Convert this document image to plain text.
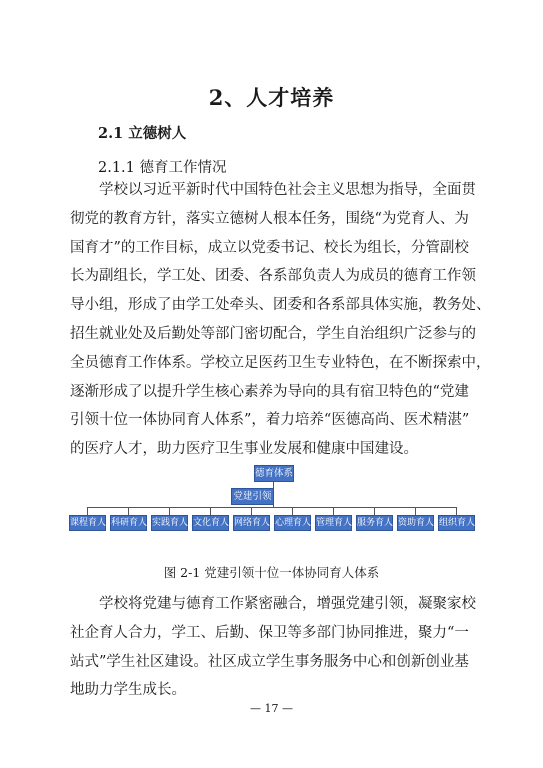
2、人才培养
2.1 立德树人
2.1.1 德育工作情况
学校以习近平新时代中国特色社会主义思想为指导，全面贯
彻党的教育方针，落实立德树人根本任务，围绕“为党育人、为
国育才”的工作目标，成立以党委书记、校长为组长，分管副校
长为副组长，学工处、团委、各系部负责人为成员的德育工作领
导小组，形成了由学工处牵头、团委和各系部具体实施，教务处、
招生就业处及后勤处等部门密切配合，学生自治组织广泛参与的
全员德育工作体系。学校立足医药卫生专业特色，在不断探索中，
逐渐形成了以提升学生核心素养为导向的具有宿卫特色的“党建
引领十位一体协同育人体系”，着力培养“医德高尚、医术精湛”
的医疗人才，助力医疗卫生事业发展和健康中国建设。
德育体系
党建引领
课程育人 科研育人 实践育人 文化育人 网络育人 心理育人 管理育人 服务育人 资助育人 组织育人
图 2-1 党建引领十位一体协同育人体系
学校将党建与德育工作紧密融合，增强党建引领，凝聚家校
社企育人合力，学工、后勤、保卫等多部门协同推进，聚力“一
站式”学生社区建设。社区成立学生事务服务中心和创新创业基
地助力学生成长。
— 17 —
